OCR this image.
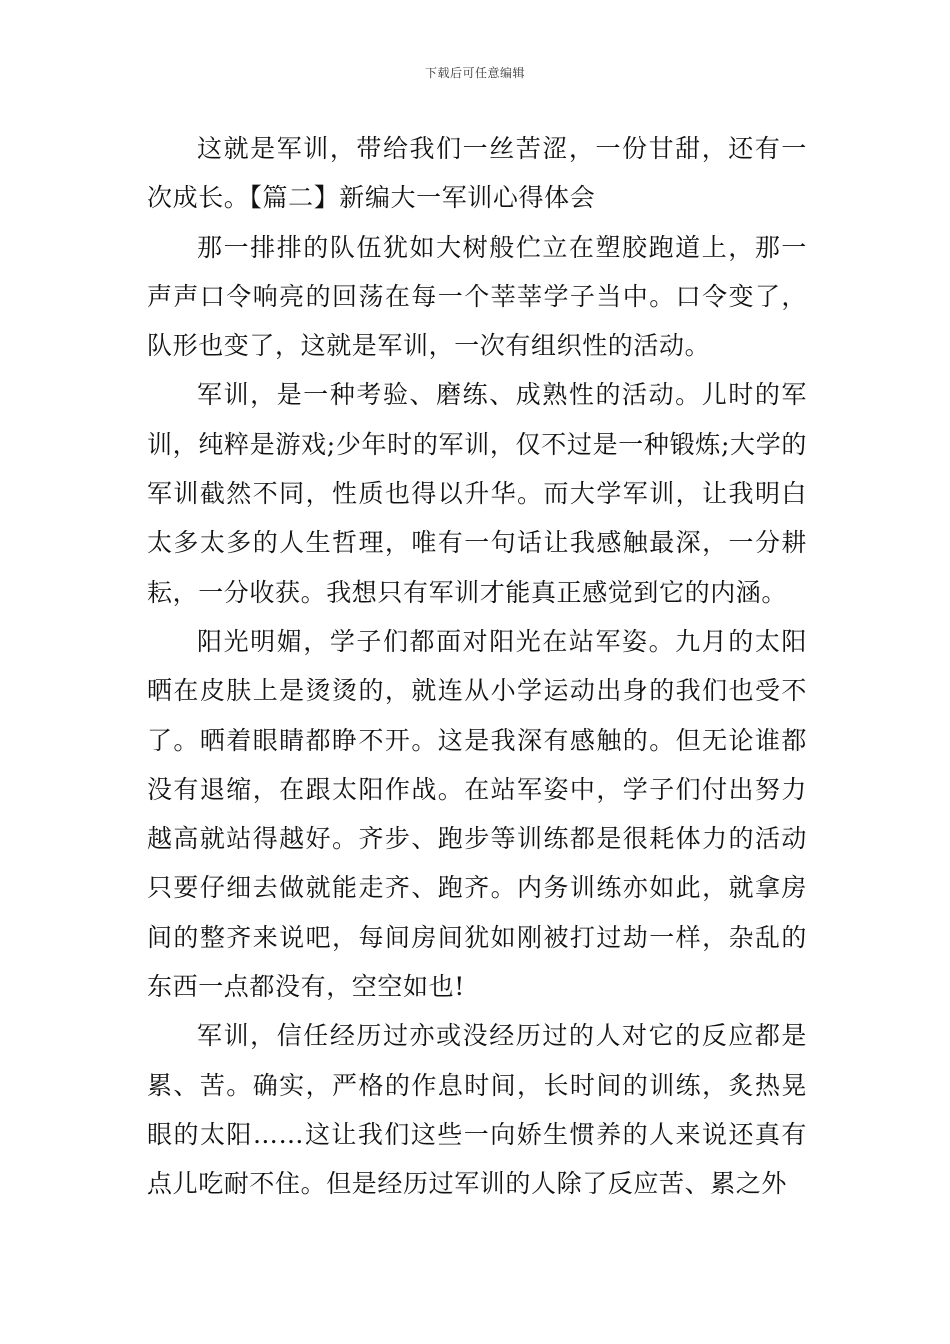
下载后可任意编辑

这就是军训，带给我们一丝苦涩，一份甘甜，还有一次成长。【篇二】新编大一军训心得体会

那一排排的队伍犹如大树般伫立在塑胶跑道上，那一声声口令响亮的回荡在每一个莘莘学子当中。口令变了，队形也变了，这就是军训，一次有组织性的活动。

军训，是一种考验、磨练、成熟性的活动。儿时的军训，纯粹是游戏;少年时的军训，仅不过是一种锻炼;大学的军训截然不同，性质也得以升华。而大学军训，让我明白太多太多的人生哲理，唯有一句话让我感触最深，一分耕耘，一分收获。我想只有军训才能真正感觉到它的内涵。

阳光明媚，学子们都面对阳光在站军姿。九月的太阳晒在皮肤上是烫烫的，就连从小学运动出身的我们也受不了。晒着眼睛都睁不开。这是我深有感触的。但无论谁都没有退缩，在跟太阳作战。在站军姿中，学子们付出努力越高就站得越好。齐步、跑步等训练都是很耗体力的活动只要仔细去做就能走齐、跑齐。内务训练亦如此，就拿房间的整齐来说吧，每间房间犹如刚被打过劫一样，杂乱的东西一点都没有，空空如也!

军训，信任经历过亦或没经历过的人对它的反应都是累、苦。确实，严格的作息时间，长时间的训练，炙热晃眼的太阳……这让我们这些一向娇生惯养的人来说还真有点儿吃耐不住。但是经历过军训的人除了反应苦、累之外
